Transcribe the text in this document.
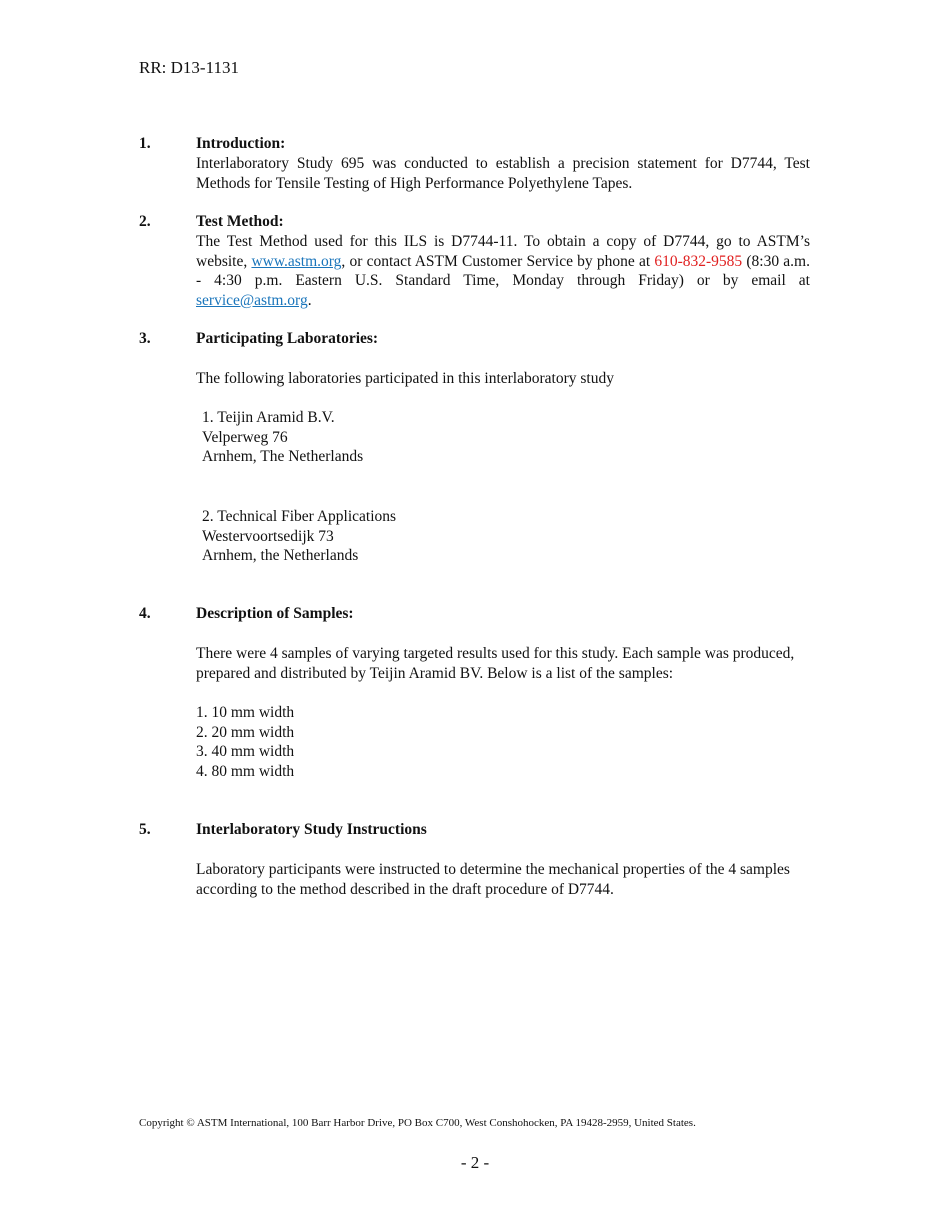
RR: D13-1131
1.	Introduction:
Interlaboratory Study 695 was conducted to establish a precision statement for D7744, Test Methods for Tensile Testing of High Performance Polyethylene Tapes.
2.	Test Method:
The Test Method used for this ILS is D7744-11. To obtain a copy of D7744, go to ASTM’s website, www.astm.org, or contact ASTM Customer Service by phone at 610-832-9585 (8:30 a.m. - 4:30 p.m. Eastern U.S. Standard Time, Monday through Friday) or by email at service@astm.org.
3.	Participating Laboratories:
The following laboratories participated in this interlaboratory study
1. Teijin Aramid B.V.
Velperweg 76
Arnhem, The Netherlands
2. Technical Fiber Applications
Westervoortsedijk 73
Arnhem, the Netherlands
4.	Description of Samples:
There were 4 samples of varying targeted results used for this study. Each sample was produced, prepared and distributed by Teijin Aramid BV. Below is a list of the samples:
1. 10 mm width
2. 20 mm width
3. 40 mm width
4. 80 mm width
5.	Interlaboratory Study Instructions
Laboratory participants were instructed to determine the mechanical properties of the 4 samples according to the method described in the draft procedure of D7744.
Copyright © ASTM International, 100 Barr Harbor Drive, PO Box C700, West Conshohocken, PA 19428-2959, United States.
- 2 -
